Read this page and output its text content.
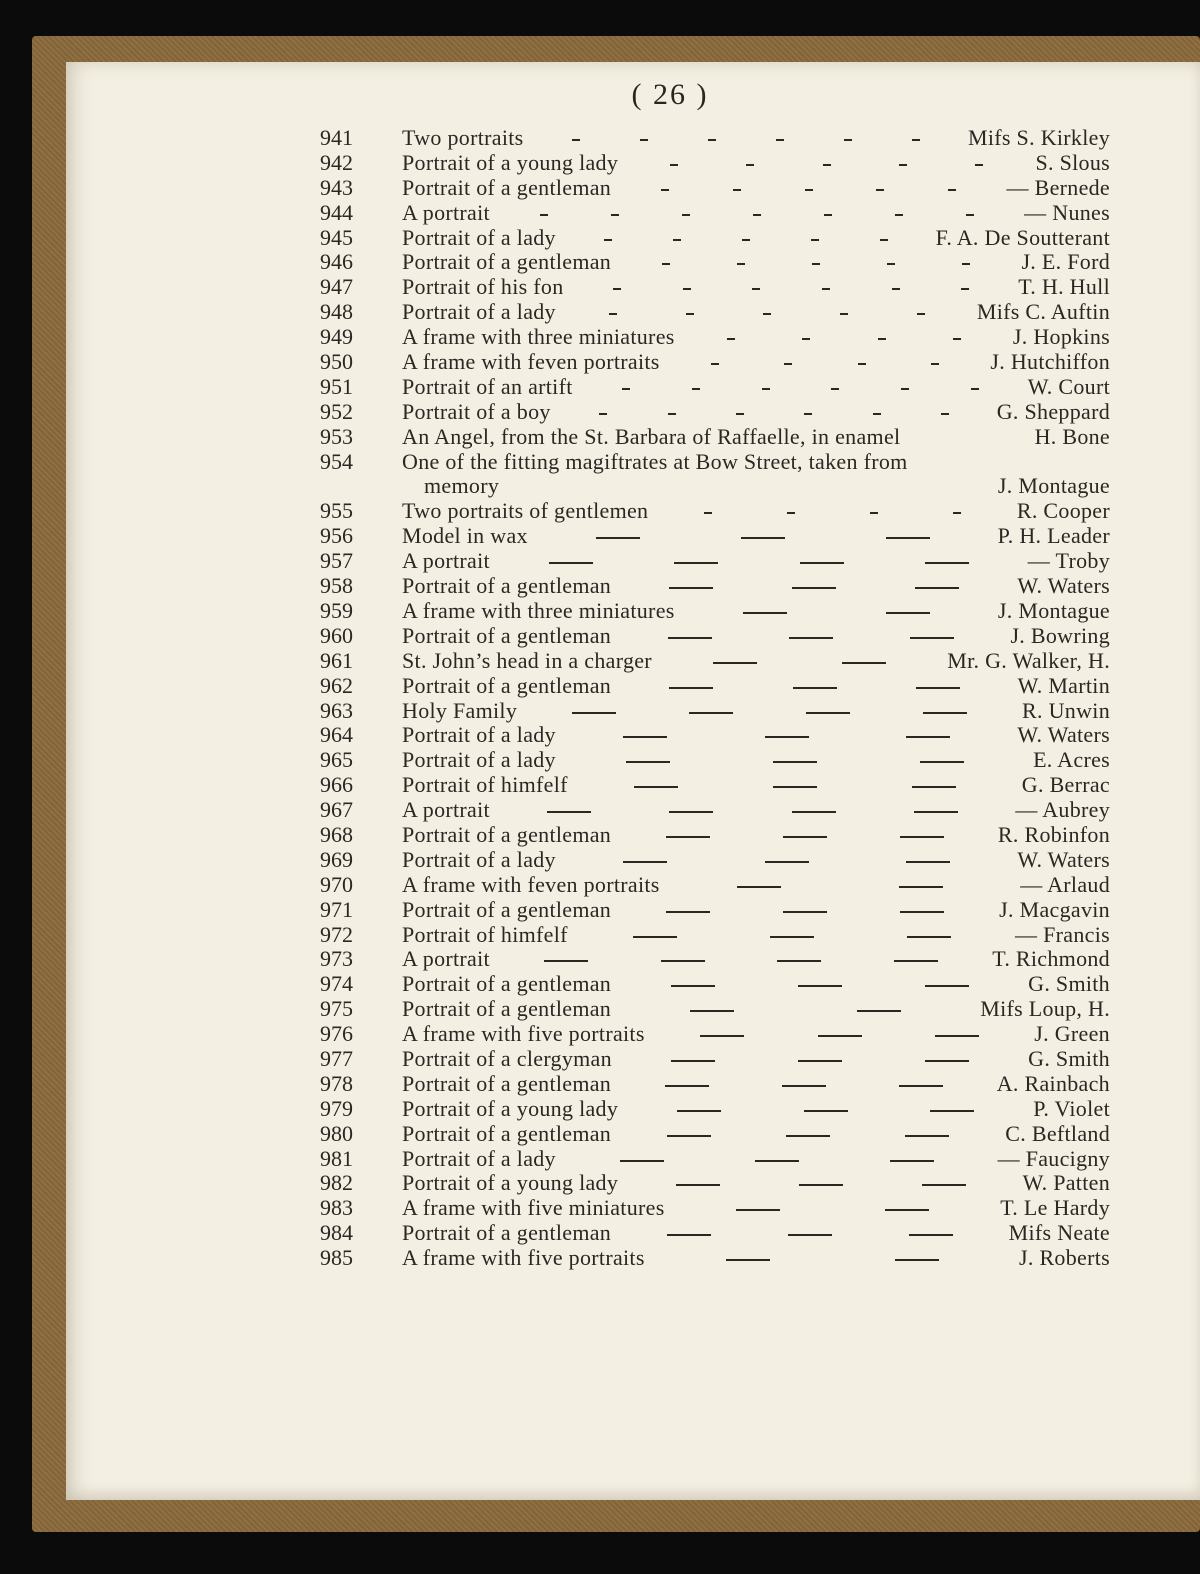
( 26 )
941	Two portraits	Mifs S. Kirkley
942	Portrait of a young lady	S. Slous
943	Portrait of a gentleman	— Bernede
944	A portrait	— Nunes
945	Portrait of a lady	F. A. De Soutterant
946	Portrait of a gentleman	J. E. Ford
947	Portrait of his fon	T. H. Hull
948	Portrait of a lady	Mifs C. Auftin
949	A frame with three miniatures	J. Hopkins
950	A frame with feven portraits	J. Hutchiffon
951	Portrait of an artift	W. Court
952	Portrait of a boy	G. Sheppard
953	An Angel, from the St. Barbara of Raffaelle, in enamel	H. Bone
954	One of the fitting magiftrates at Bow Street, taken from
memory	J. Montague
955	Two portraits of gentlemen	R. Cooper
956	Model in wax	P. H. Leader
957	A portrait	— Troby
958	Portrait of a gentleman	W. Waters
959	A frame with three miniatures	J. Montague
960	Portrait of a gentleman	J. Bowring
961	St. John’s head in a charger	Mr. G. Walker, H.
962	Portrait of a gentleman	W. Martin
963	Holy Family	R. Unwin
964	Portrait of a lady	W. Waters
965	Portrait of a lady	E. Acres
966	Portrait of himfelf	G. Berrac
967	A portrait	— Aubrey
968	Portrait of a gentleman	R. Robinfon
969	Portrait of a lady	W. Waters
970	A frame with feven portraits	— Arlaud
971	Portrait of a gentleman	J. Macgavin
972	Portrait of himfelf	— Francis
973	A portrait	T. Richmond
974	Portrait of a gentleman	G. Smith
975	Portrait of a gentleman	Mifs Loup, H.
976	A frame with five portraits	J. Green
977	Portrait of a clergyman	G. Smith
978	Portrait of a gentleman	A. Rainbach
979	Portrait of a young lady	P. Violet
980	Portrait of a gentleman	C. Beftland
981	Portrait of a lady	— Faucigny
982	Portrait of a young lady	W. Patten
983	A frame with five miniatures	T. Le Hardy
984	Portrait of a gentleman	Mifs Neate
985	A frame with five portraits	J. Roberts
